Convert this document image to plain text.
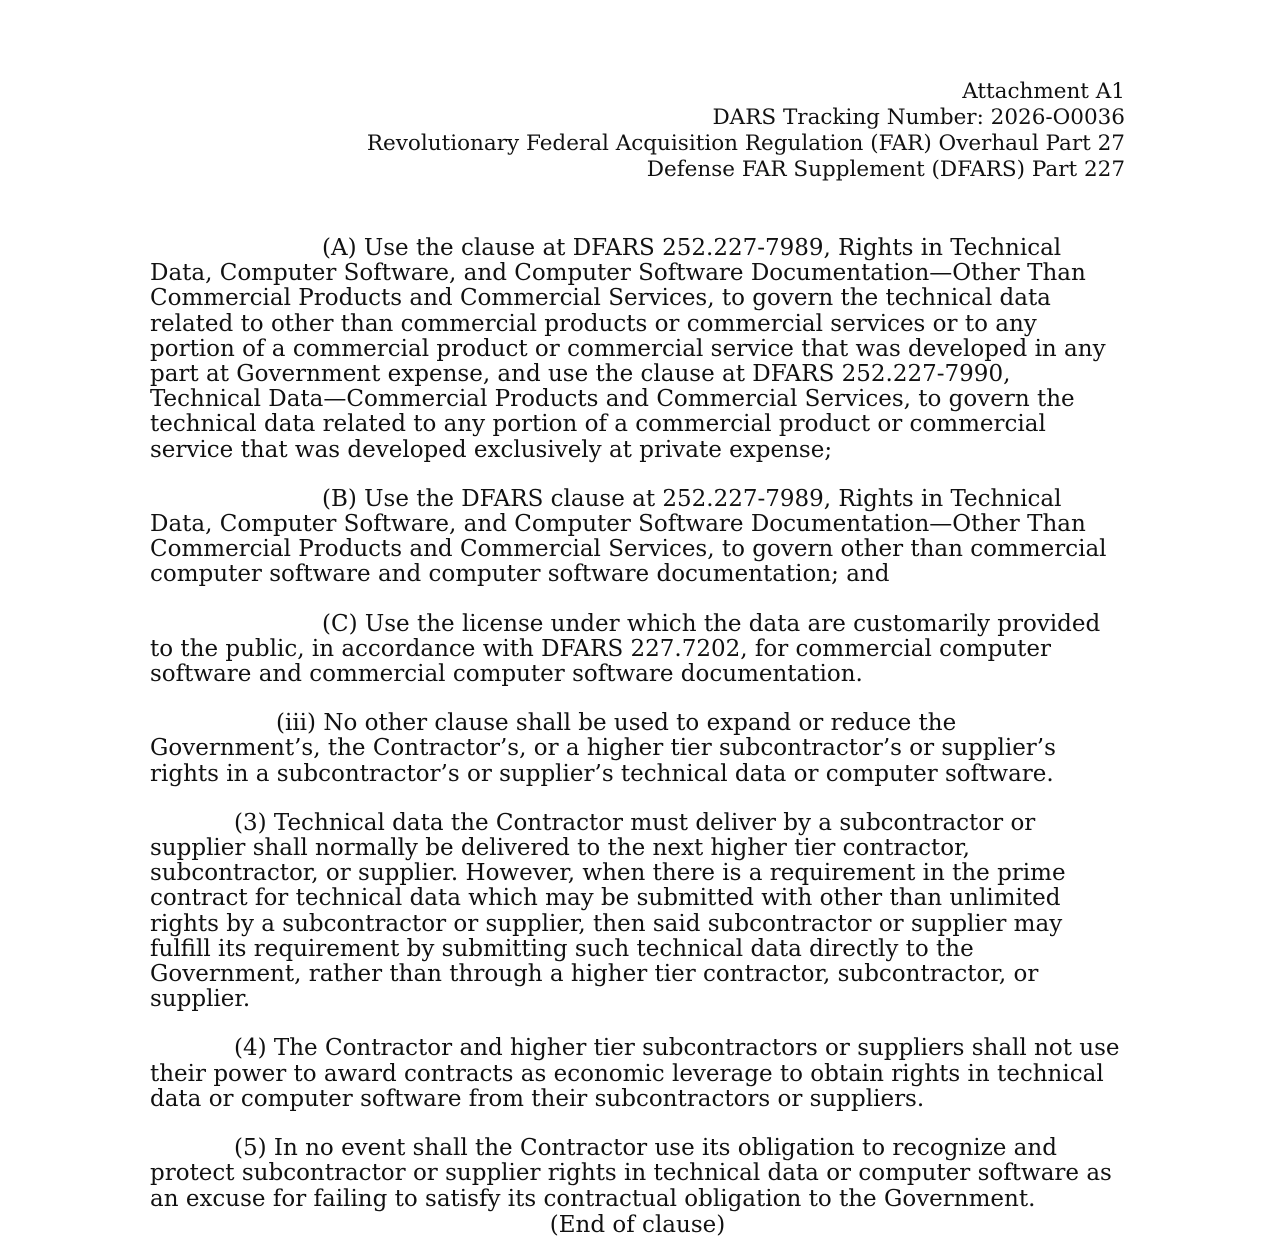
Attachment A1
DARS Tracking Number: 2026-O0036
Revolutionary Federal Acquisition Regulation (FAR) Overhaul Part 27
Defense FAR Supplement (DFARS) Part 227

(A) Use the clause at DFARS 252.227-7989, Rights in Technical Data, Computer Software, and Computer Software Documentation—Other Than Commercial Products and Commercial Services, to govern the technical data related to other than commercial products or commercial services or to any portion of a commercial product or commercial service that was developed in any part at Government expense, and use the clause at DFARS 252.227-7990, Technical Data—Commercial Products and Commercial Services, to govern the technical data related to any portion of a commercial product or commercial service that was developed exclusively at private expense;

(B) Use the DFARS clause at 252.227-7989, Rights in Technical Data, Computer Software, and Computer Software Documentation—Other Than Commercial Products and Commercial Services, to govern other than commercial computer software and computer software documentation; and

(C) Use the license under which the data are customarily provided to the public, in accordance with DFARS 227.7202, for commercial computer software and commercial computer software documentation.

(iii) No other clause shall be used to expand or reduce the Government’s, the Contractor’s, or a higher tier subcontractor’s or supplier’s rights in a subcontractor’s or supplier’s technical data or computer software.

(3) Technical data the Contractor must deliver by a subcontractor or supplier shall normally be delivered to the next higher tier contractor, subcontractor, or supplier. However, when there is a requirement in the prime contract for technical data which may be submitted with other than unlimited rights by a subcontractor or supplier, then said subcontractor or supplier may fulfill its requirement by submitting such technical data directly to the Government, rather than through a higher tier contractor, subcontractor, or supplier.

(4) The Contractor and higher tier subcontractors or suppliers shall not use their power to award contracts as economic leverage to obtain rights in technical data or computer software from their subcontractors or suppliers.

(5) In no event shall the Contractor use its obligation to recognize and protect subcontractor or supplier rights in technical data or computer software as an excuse for failing to satisfy its contractual obligation to the Government.

(End of clause)
